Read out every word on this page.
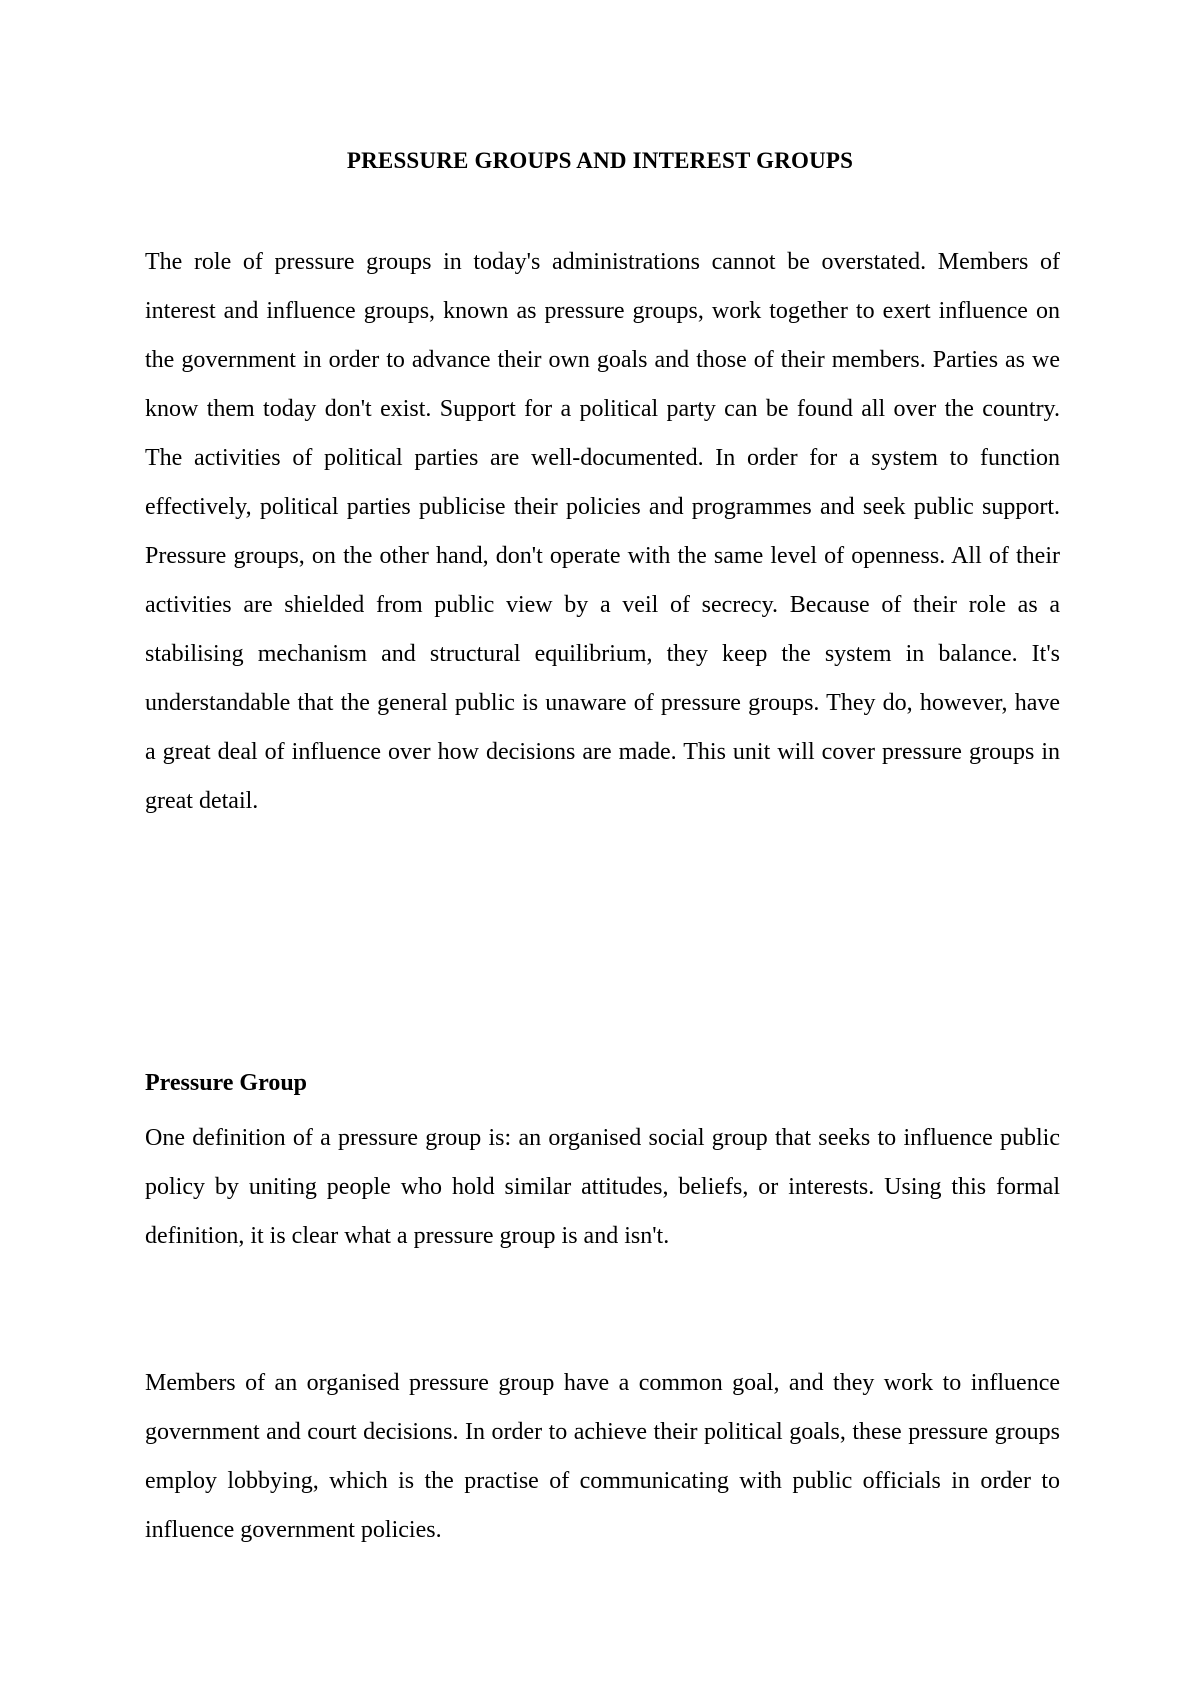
PRESSURE GROUPS AND INTEREST GROUPS

The role of pressure groups in today's administrations cannot be overstated. Members of interest and influence groups, known as pressure groups, work together to exert influence on the government in order to advance their own goals and those of their members. Parties as we know them today don't exist. Support for a political party can be found all over the country. The activities of political parties are well-documented. In order for a system to function effectively, political parties publicise their policies and programmes and seek public support. Pressure groups, on the other hand, don't operate with the same level of openness. All of their activities are shielded from public view by a veil of secrecy. Because of their role as a stabilising mechanism and structural equilibrium, they keep the system in balance. It's understandable that the general public is unaware of pressure groups. They do, however, have a great deal of influence over how decisions are made. This unit will cover pressure groups in great detail.

Pressure Group

One definition of a pressure group is: an organised social group that seeks to influence public policy by uniting people who hold similar attitudes, beliefs, or interests. Using this formal definition, it is clear what a pressure group is and isn't.

Members of an organised pressure group have a common goal, and they work to influence government and court decisions. In order to achieve their political goals, these pressure groups employ lobbying, which is the practise of communicating with public officials in order to influence government policies.
